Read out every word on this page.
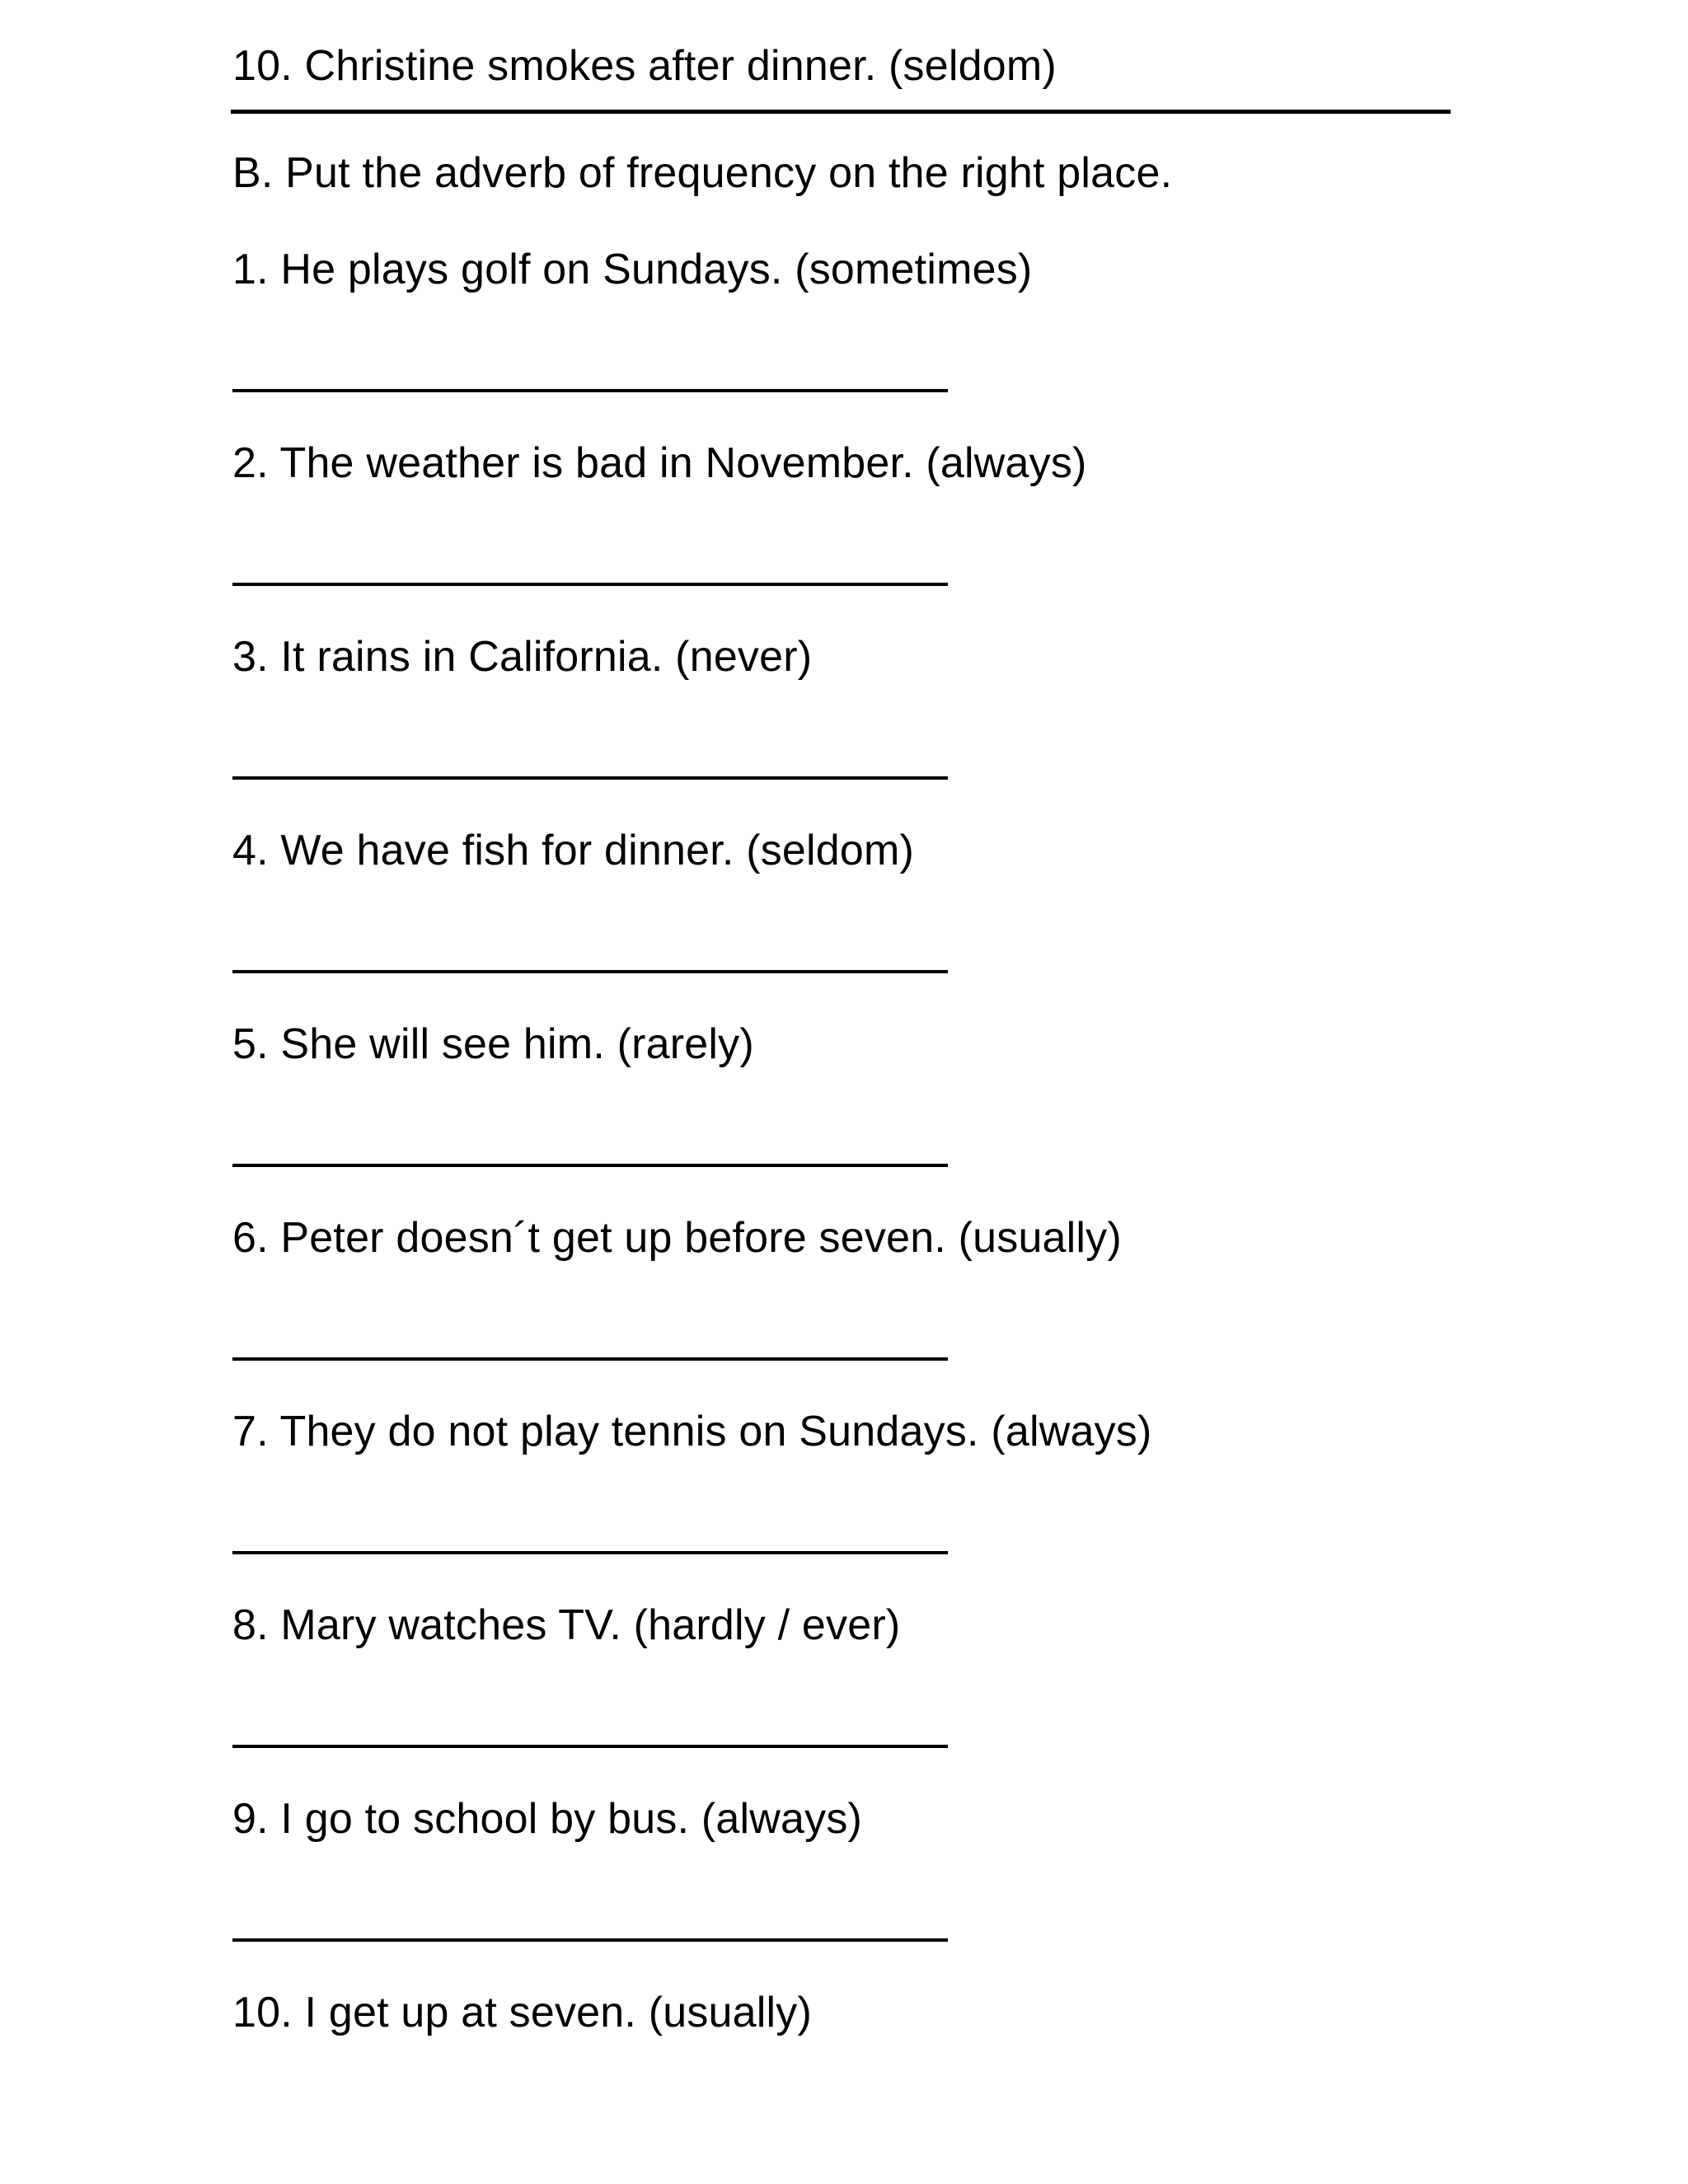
10. Christine smokes after dinner. (seldom)
B. Put the adverb of frequency on the right place.
1. He plays golf on Sundays. (sometimes)
2. The weather is bad in November. (always)
3. It rains in California. (never)
4. We have fish for dinner. (seldom)
5. She will see him. (rarely)
6. Peter doesn´t get up before seven. (usually)
7. They do not play tennis on Sundays. (always)
8. Mary watches TV. (hardly / ever)
9. I go to school by bus. (always)
10. I get up at seven. (usually)
